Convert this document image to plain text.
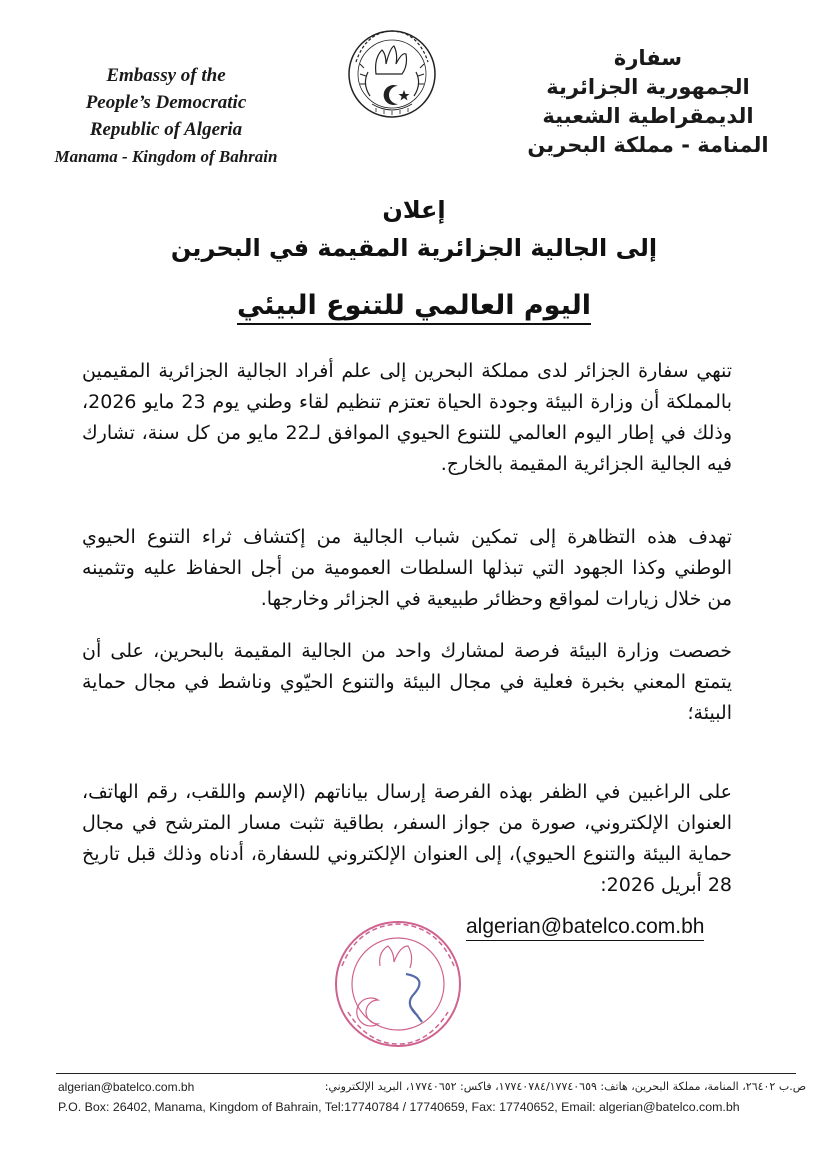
Embassy of the
People’s Democratic
Republic of Algeria
Manama - Kingdom of Bahrain
سفارة
الجمهورية الجزائرية
الديمقراطية الشعبية
المنامة - مملكة البحرين
إعلان
إلى الجالية الجزائرية المقيمة في البحرين
اليوم العالمي للتنوع البيئي
تنهي سفارة الجزائر لدى مملكة البحرين إلى علم أفراد الجالية الجزائرية المقيمين بالمملكة أن وزارة البيئة وجودة الحياة تعتزم تنظيم لقاء وطني يوم 23 مايو 2026، وذلك في إطار اليوم العالمي للتنوع الحيوي الموافق لـ22 مايو من كل سنة، تشارك فيه الجالية الجزائرية المقيمة بالخارج.
تهدف هذه التظاهرة إلى تمكين شباب الجالية من إكتشاف ثراء التنوع الحيوي الوطني وكذا الجهود التي تبذلها السلطات العمومية من أجل الحفاظ عليه وتثمينه من خلال زيارات لمواقع وحظائر طبيعية في الجزائر وخارجها.
خصصت وزارة البيئة فرصة لمشارك واحد من الجالية المقيمة بالبحرين، على أن يتمتع المعني بخبرة فعلية في مجال البيئة والتنوع الحيّوي وناشط في مجال حماية البيئة؛
على الراغبين في الظفر بهذه الفرصة إرسال بياناتهم (الإسم واللقب، رقم الهاتف، العنوان الإلكتروني، صورة من جواز السفر، بطاقية تثبت مسار المترشح في مجال حماية البيئة والتنوع الحيوي)، إلى العنوان الإلكتروني للسفارة، أدناه وذلك قبل تاريخ 28 أبريل 2026:
algerian@batelco.com.bh
algerian@batelco.com.bh	ص.ب ٢٦٤٠٢، المنامة، مملكة البحرين، هاتف: ١٧٧٤٠٧٨٤/١٧٧٤٠٦٥٩، فاكس: ١٧٧٤٠٦٥٢، البريد الإلكتروني:
P.O. Box: 26402, Manama, Kingdom of Bahrain, Tel:17740784 / 17740659, Fax: 17740652, Email: algerian@batelco.com.bh
